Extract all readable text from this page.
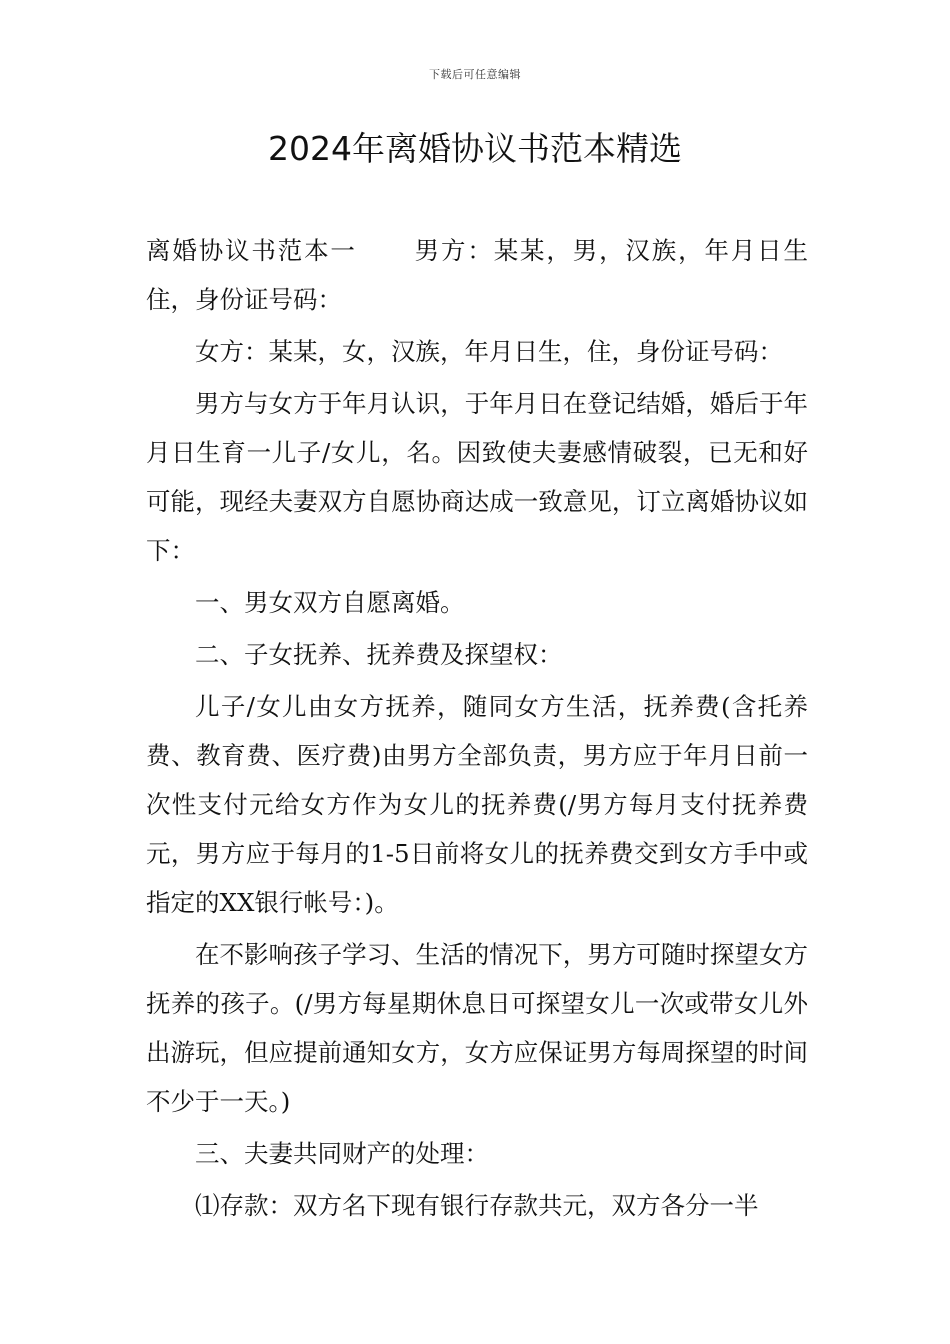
下载后可任意编辑
2024年离婚协议书范本精选

离婚协议书范本一 男方：某某，男，汉族，年月日生住，身份证号码：

女方：某某，女，汉族，年月日生，住，身份证号码：

男方与女方于年月认识，于年月日在登记结婚，婚后于年月日生育一儿子/女儿，名。因致使夫妻感情破裂，已无和好可能，现经夫妻双方自愿协商达成一致意见，订立离婚协议如下：

一、男女双方自愿离婚。

二、子女抚养、抚养费及探望权：

儿子/女儿由女方抚养，随同女方生活，抚养费(含托养费、教育费、医疗费)由男方全部负责，男方应于年月日前一次性支付元给女方作为女儿的抚养费(/男方每月支付抚养费元，男方应于每月的1-5日前将女儿的抚养费交到女方手中或指定的XX银行帐号：)。

在不影响孩子学习、生活的情况下，男方可随时探望女方抚养的孩子。(/男方每星期休息日可探望女儿一次或带女儿外出游玩，但应提前通知女方，女方应保证男方每周探望的时间不少于一天。)

三、夫妻共同财产的处理：

⑴存款：双方名下现有银行存款共元，双方各分一半
